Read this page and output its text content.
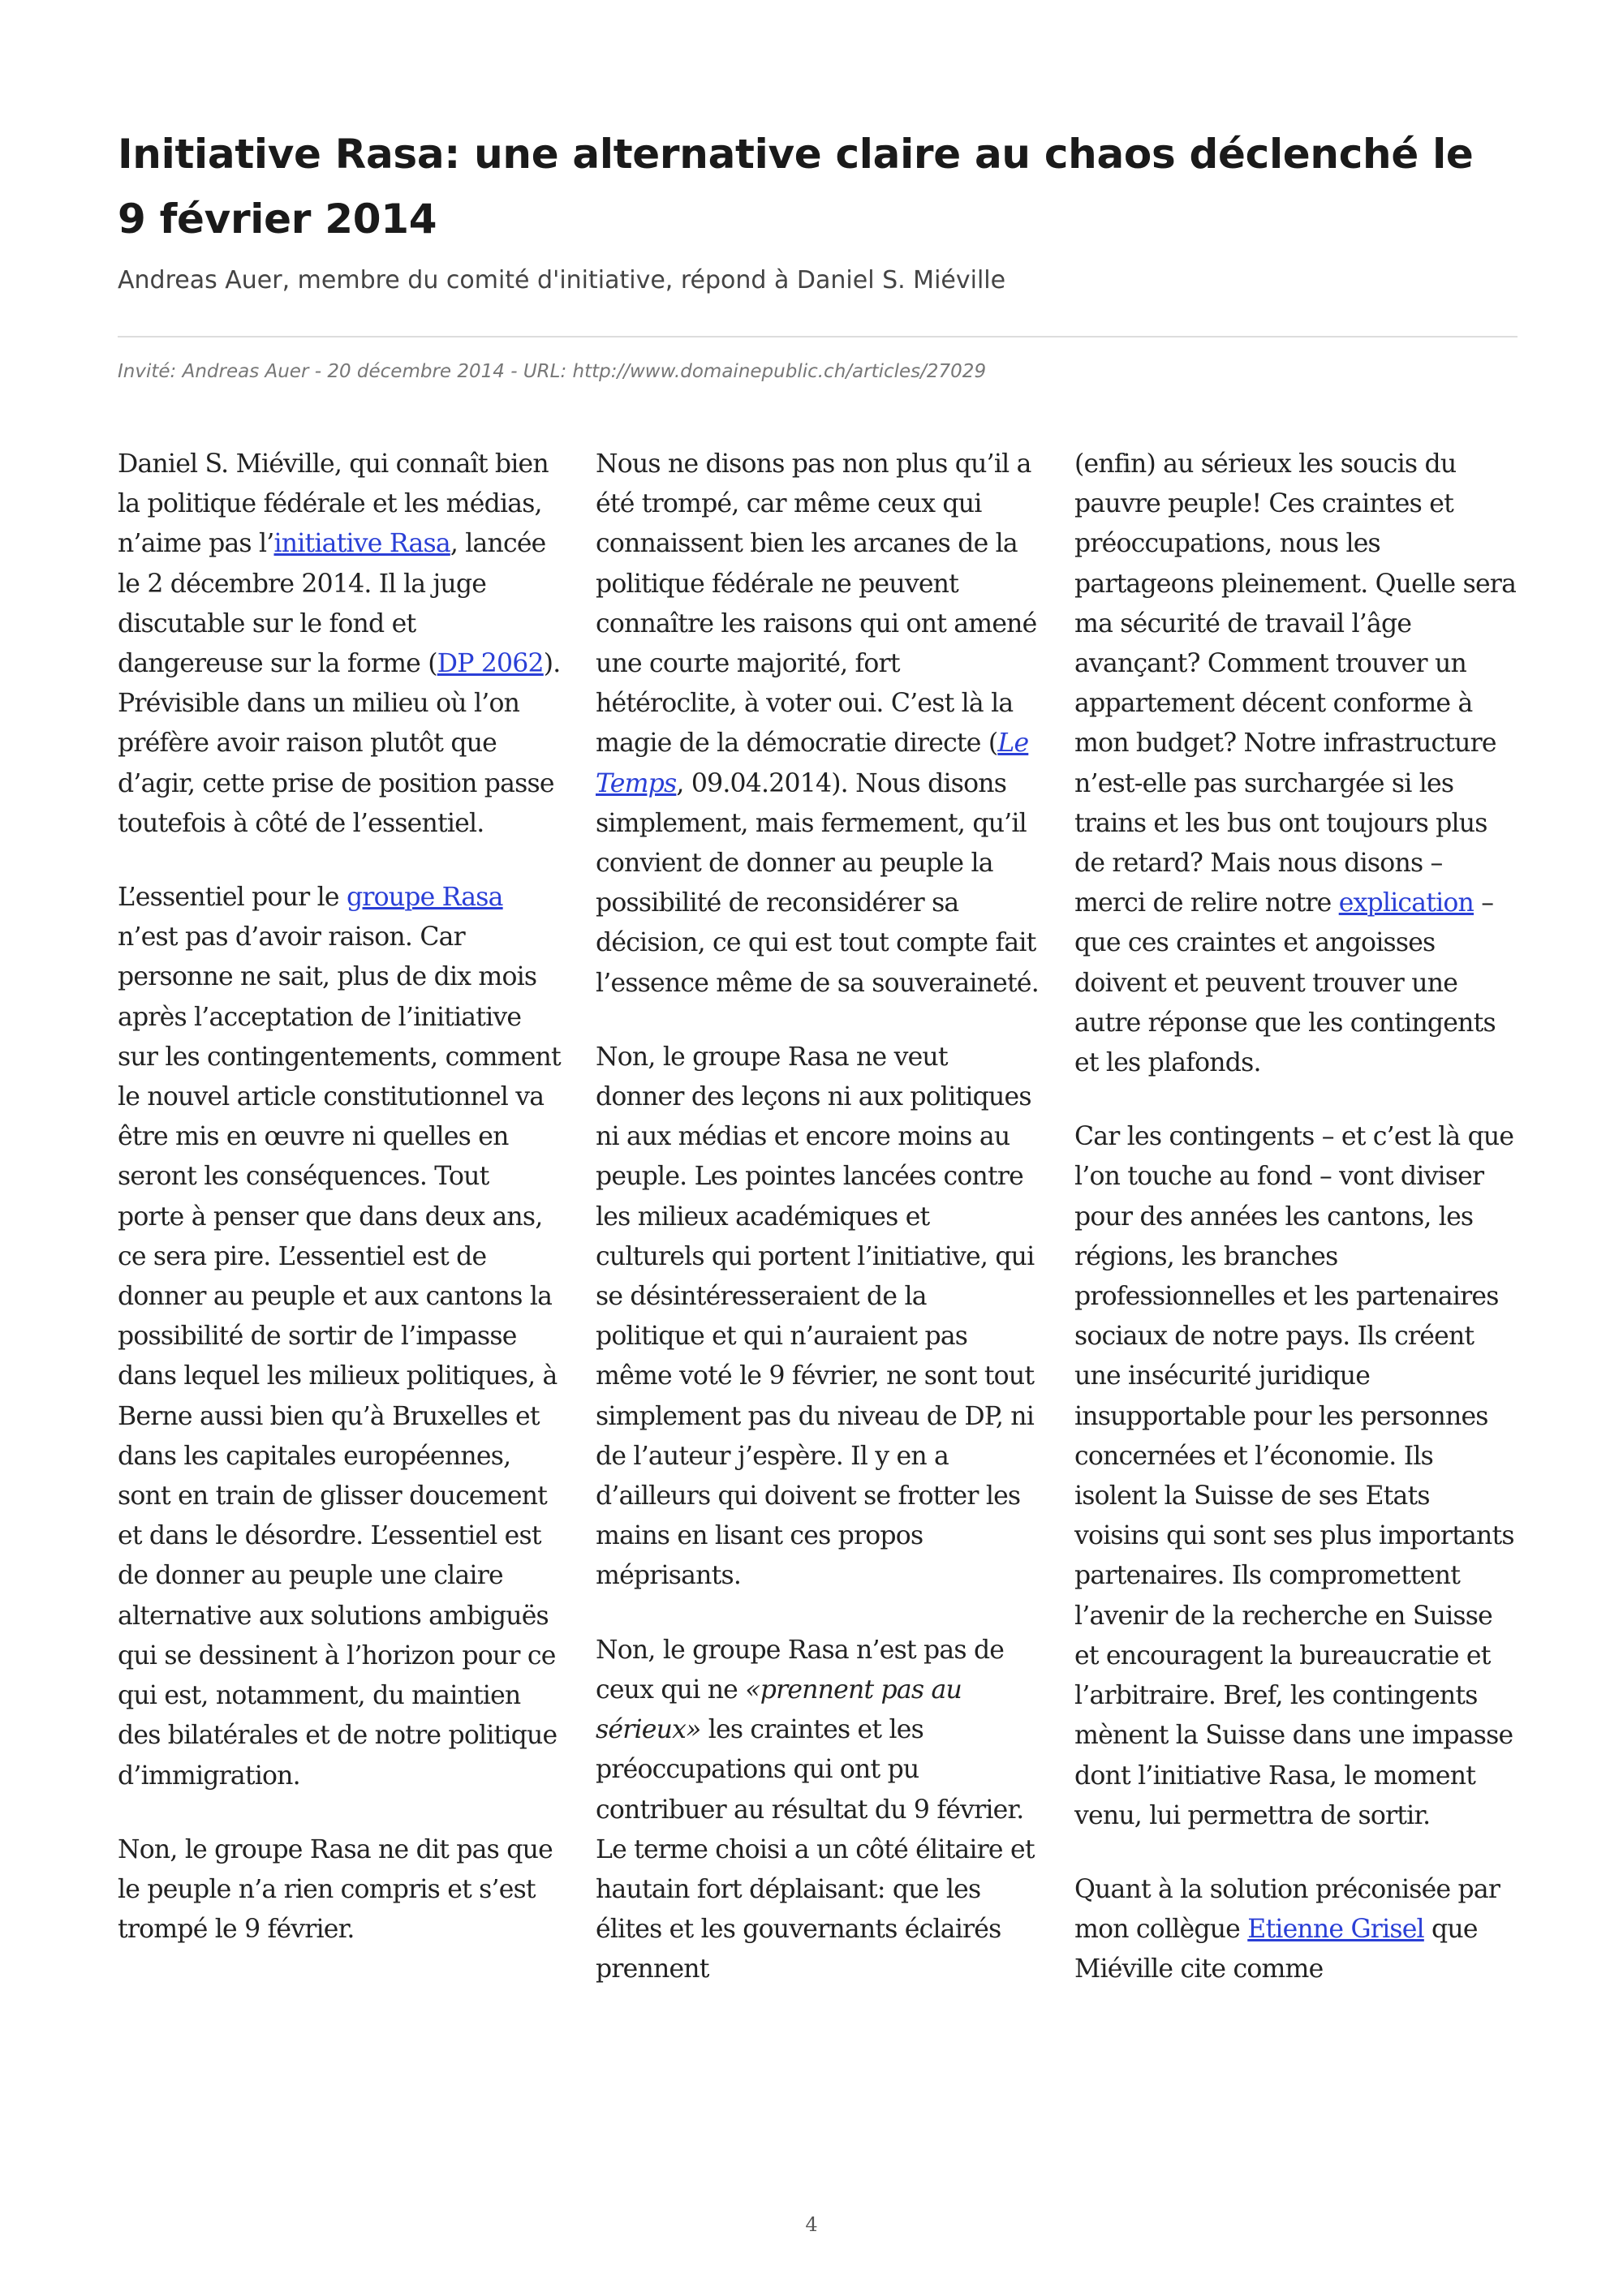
Initiative Rasa: une alternative claire au chaos déclenché le 9 février 2014
Andreas Auer, membre du comité d'initiative, répond à Daniel S. Miéville
Invité: Andreas Auer - 20 décembre 2014 - URL: http://www.domainepublic.ch/articles/27029

Daniel S. Miéville, qui connaît bien la politique fédérale et les médias, n’aime pas l’initiative Rasa, lancée le 2 décembre 2014. Il la juge discutable sur le fond et dangereuse sur la forme (DP 2062). Prévisible dans un milieu où l’on préfère avoir raison plutôt que d’agir, cette prise de position passe toutefois à côté de l’essentiel.

L’essentiel pour le groupe Rasa n’est pas d’avoir raison. Car personne ne sait, plus de dix mois après l’acceptation de l’initiative sur les contingentements, comment le nouvel article constitutionnel va être mis en œuvre ni quelles en seront les conséquences. Tout porte à penser que dans deux ans, ce sera pire. L’essentiel est de donner au peuple et aux cantons la possibilité de sortir de l’impasse dans lequel les milieux politiques, à Berne aussi bien qu’à Bruxelles et dans les capitales européennes, sont en train de glisser doucement et dans le désordre. L’essentiel est de donner au peuple une claire alternative aux solutions ambiguës qui se dessinent à l’horizon pour ce qui est, notamment, du maintien des bilatérales et de notre politique d’immigration.

Non, le groupe Rasa ne dit pas que le peuple n’a rien compris et s’est trompé le 9 février.

Nous ne disons pas non plus qu’il a été trompé, car même ceux qui connaissent bien les arcanes de la politique fédérale ne peuvent connaître les raisons qui ont amené une courte majorité, fort hétéroclite, à voter oui. C’est là la magie de la démocratie directe (Le Temps, 09.04.2014). Nous disons simplement, mais fermement, qu’il convient de donner au peuple la possibilité de reconsidérer sa décision, ce qui est tout compte fait l’essence même de sa souveraineté.

Non, le groupe Rasa ne veut donner des leçons ni aux politiques ni aux médias et encore moins au peuple. Les pointes lancées contre les milieux académiques et culturels qui portent l’initiative, qui se désintéresseraient de la politique et qui n’auraient pas même voté le 9 février, ne sont tout simplement pas du niveau de DP, ni de l’auteur j’espère. Il y en a d’ailleurs qui doivent se frotter les mains en lisant ces propos méprisants.

Non, le groupe Rasa n’est pas de ceux qui ne «prennent pas au sérieux» les craintes et les préoccupations qui ont pu contribuer au résultat du 9 février. Le terme choisi a un côté élitaire et hautain fort déplaisant: que les élites et les gouvernants éclairés prennent

(enfin) au sérieux les soucis du pauvre peuple! Ces craintes et préoccupations, nous les partageons pleinement. Quelle sera ma sécurité de travail l’âge avançant? Comment trouver un appartement décent conforme à mon budget? Notre infrastructure n’est-elle pas surchargée si les trains et les bus ont toujours plus de retard? Mais nous disons – merci de relire notre explication – que ces craintes et angoisses doivent et peuvent trouver une autre réponse que les contingents et les plafonds.

Car les contingents – et c’est là que l’on touche au fond – vont diviser pour des années les cantons, les régions, les branches professionnelles et les partenaires sociaux de notre pays. Ils créent une insécurité juridique insupportable pour les personnes concernées et l’économie. Ils isolent la Suisse de ses Etats voisins qui sont ses plus importants partenaires. Ils compromettent l’avenir de la recherche en Suisse et encouragent la bureaucratie et l’arbitraire. Bref, les contingents mènent la Suisse dans une impasse dont l’initiative Rasa, le moment venu, lui permettra de sortir.

Quant à la solution préconisée par mon collègue Etienne Grisel que Miéville cite comme

4
